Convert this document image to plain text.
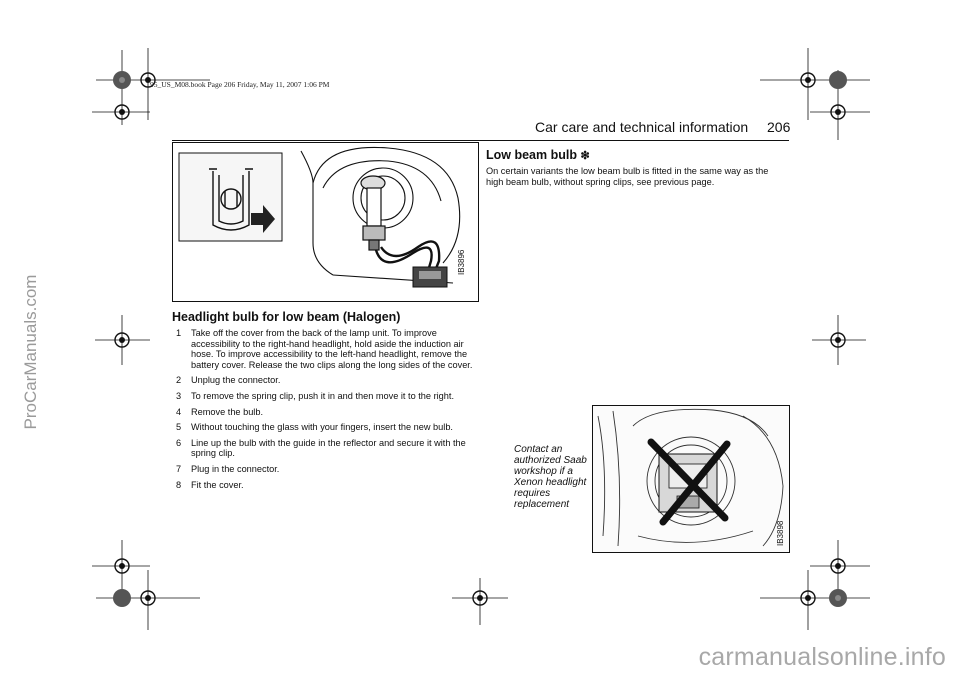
95_US_M08.book Page 206 Friday, May 11, 2007 1:06 PM
ProCarManuals.com
carmanualsonline.info
Car care and technical information 206
IB3896
Headlight bulb for low beam (Halogen)
1	Take off the cover from the back of the lamp unit. To improve accessibility to the right-hand headlight, hold aside the induction air hose. To improve accessibility to the left-hand headlight, remove the battery cover. Release the two clips along the long sides of the cover.
2	Unplug the connector.
3	To remove the spring clip, push it in and then move it to the right.
4	Remove the bulb.
5	Without touching the glass with your fingers, insert the new bulb.
6	Line up the bulb with the guide in the reflector and secure it with the spring clip.
7	Plug in the connector.
8	Fit the cover.
Low beam bulb ❇
On certain variants the low beam bulb is fitted in the same way as the high beam bulb, without spring clips, see previous page.
Contact an authorized Saab workshop if a Xenon headlight requires replacement
IB3898
